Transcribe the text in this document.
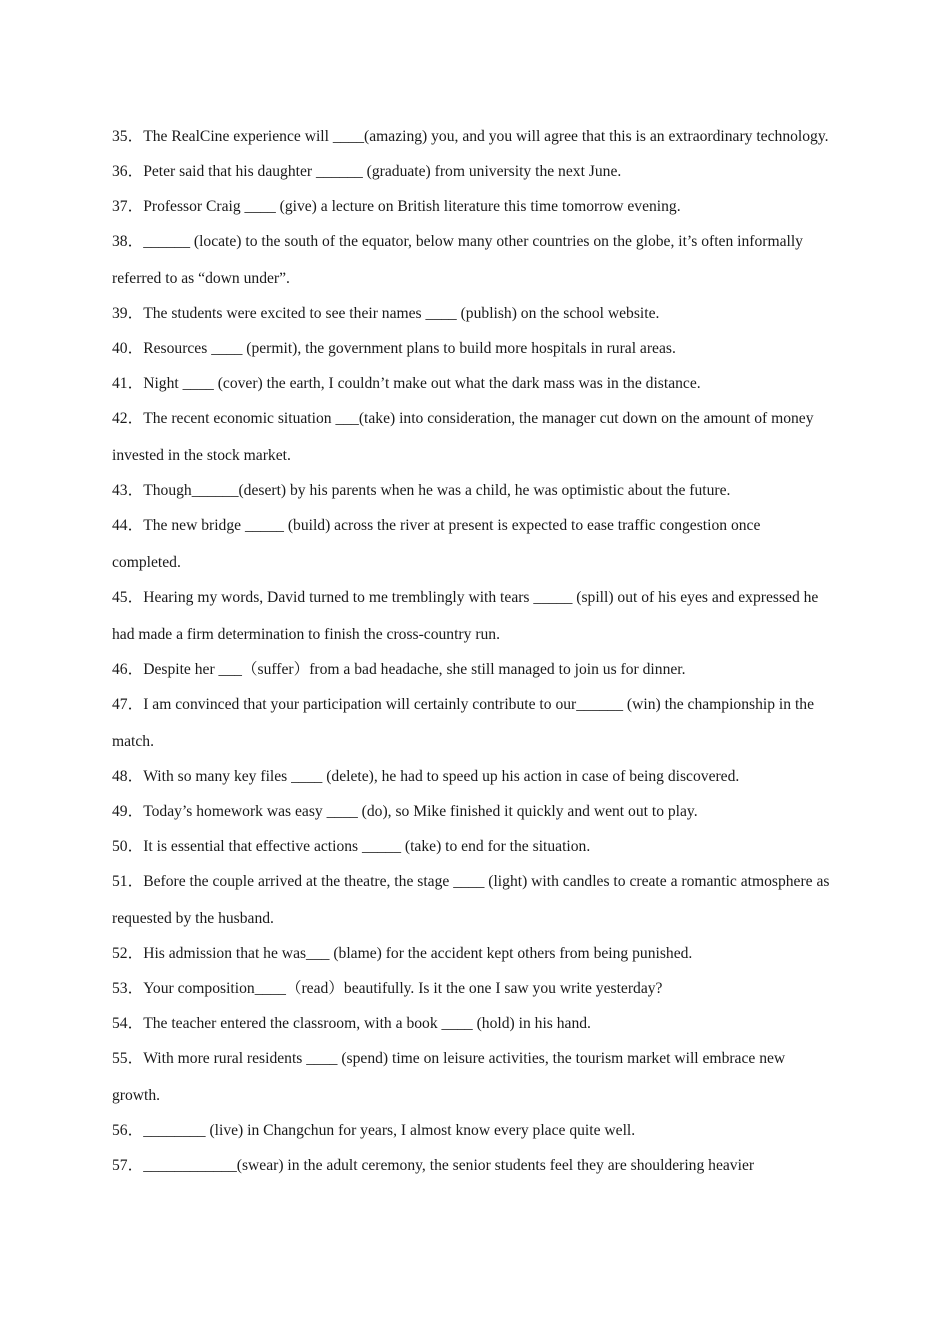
35．The RealCine experience will ____(amazing) you, and you will agree that this is an extraordinary technology.

36．Peter said that his daughter ______ (graduate) from university the next June.

37．Professor Craig ____ (give) a lecture on British literature this time tomorrow evening.

38．______ (locate) to the south of the equator, below many other countries on the globe, it’s often informally referred to as “down under”.

39．The students were excited to see their names ____ (publish) on the school website.

40．Resources ____ (permit), the government plans to build more hospitals in rural areas.

41．Night ____ (cover) the earth, I couldn’t make out what the dark mass was in the distance.

42．The recent economic situation ___(take) into consideration, the manager cut down on the amount of money invested in the stock market.

43．Though______(desert) by his parents when he was a child, he was optimistic about the future.

44．The new bridge _____ (build) across the river at present is expected to ease traffic congestion once completed.

45．Hearing my words, David turned to me tremblingly with tears _____ (spill) out of his eyes and expressed he had made a firm determination to finish the cross-country run.

46．Despite her ___（suffer）from a bad headache, she still managed to join us for dinner.

47．I am convinced that your participation will certainly contribute to our______ (win) the championship in the match.

48．With so many key files ____ (delete), he had to speed up his action in case of being discovered.

49．Today’s homework was easy ____ (do), so Mike finished it quickly and went out to play.

50．It is essential that effective actions _____ (take) to end for the situation.

51．Before the couple arrived at the theatre, the stage ____ (light) with candles to create a romantic atmosphere as requested by the husband.

52．His admission that he was___ (blame) for the accident kept others from being punished.

53．Your composition____（read）beautifully. Is it the one I saw you write yesterday?

54．The teacher entered the classroom, with a book ____ (hold) in his hand.

55．With more rural residents ____ (spend) time on leisure activities, the tourism market will embrace new growth.

56．________ (live) in Changchun for years, I almost know every place quite well.

57．____________(swear) in the adult ceremony, the senior students feel they are shouldering heavier
